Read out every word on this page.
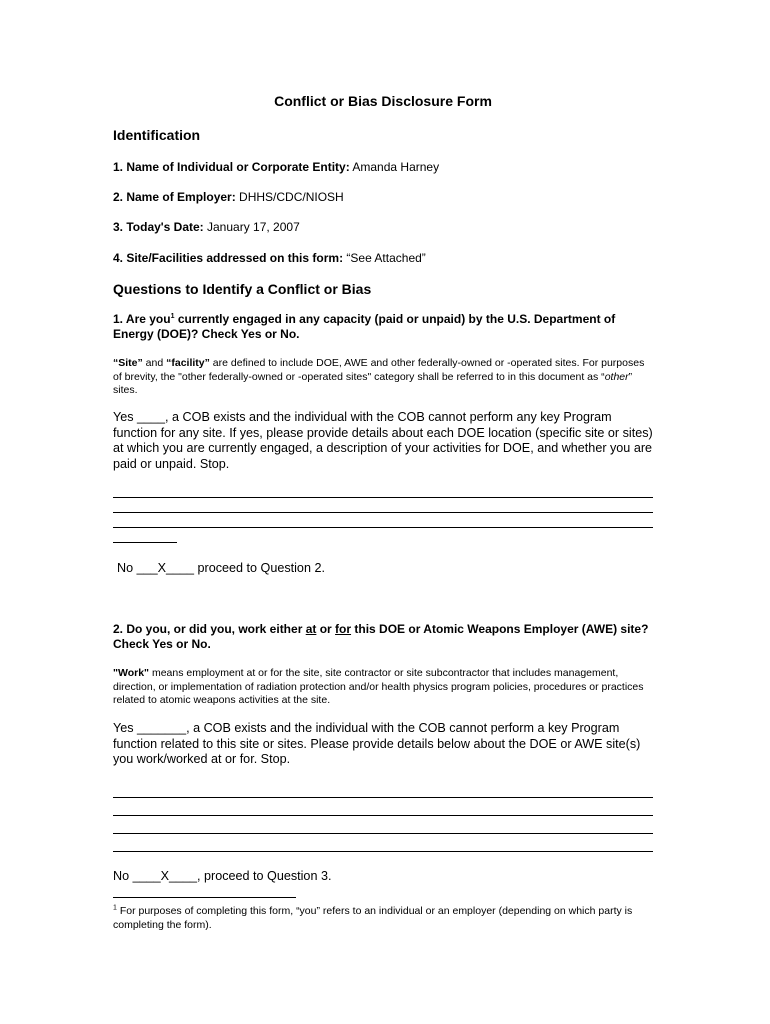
Conflict or Bias Disclosure Form
Identification

1. Name of Individual or Corporate Entity: Amanda Harney

2. Name of Employer: DHHS/CDC/NIOSH

3. Today's Date: January 17, 2007

4. Site/Facilities addressed on this form: “See Attached”

Questions to Identify a Conflict or Bias

1. Are you$^1$ currently engaged in any capacity (paid or unpaid) by the U.S. Department of Energy (DOE)? Check Yes or No.

“Site” and “facility” are defined to include DOE, AWE and other federally-owned or -operated sites. For purposes of brevity, the "other federally-owned or -operated sites" category shall be referred to in this document as “other” sites.

Yes ____, a COB exists and the individual with the COB cannot perform any key Program function for any site. If yes, please provide details about each DOE location (specific site or sites) at which you are currently engaged, a description of your activities for DOE, and whether you are paid or unpaid. Stop.

No ___X____ proceed to Question 2.

2. Do you, or did you, work either at or for this DOE or Atomic Weapons Employer (AWE) site? Check Yes or No.

"Work" means employment at or for the site, site contractor or site subcontractor that includes management, direction, or implementation of radiation protection and/or health physics program policies, procedures or practices related to atomic weapons activities at the site.

Yes _______, a COB exists and the individual with the COB cannot perform a key Program function related to this site or sites. Please provide details below about the DOE or AWE site(s) you work/worked at or for. Stop.

No ____X____, proceed to Question 3.

$^1$ For purposes of completing this form, “you” refers to an individual or an employer (depending on which party is completing the form).
